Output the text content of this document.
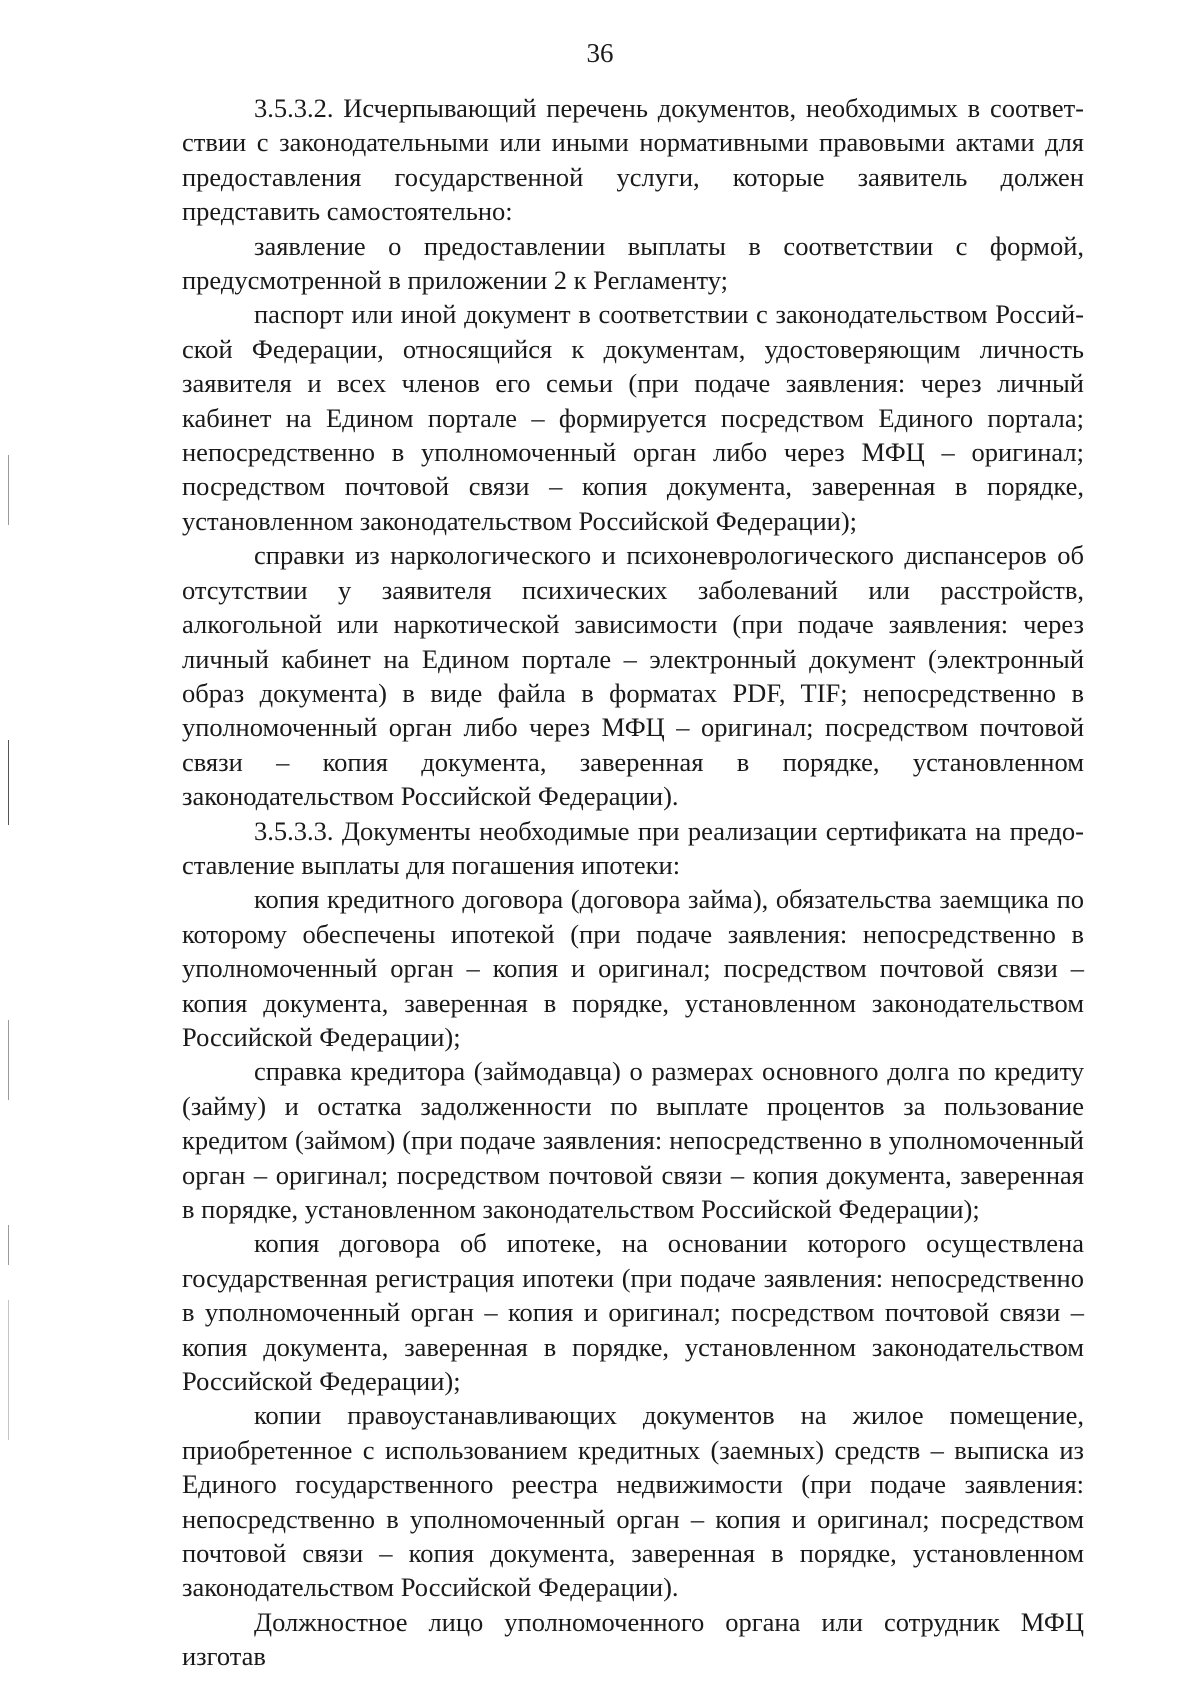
36

3.5.3.2. Исчерпывающий перечень документов, необходимых в соответствии с законодательными или иными нормативными правовыми актами для предоставления государственной услуги, которые заявитель должен представить самостоятельно:

заявление о предоставлении выплаты в соответствии с формой, предусмотренной в приложении 2 к Регламенту;

паспорт или иной документ в соответствии с законодательством Российской Федерации, относящийся к документам, удостоверяющим личность заявителя и всех членов его семьи (при подаче заявления: через личный кабинет на Едином портале – формируется посредством Единого портала; непосредственно в уполномоченный орган либо через МФЦ – оригинал; посредством почтовой связи – копия документа, заверенная в порядке, установленном законодательством Российской Федерации);

справки из наркологического и психоневрологического диспансеров об отсутствии у заявителя психических заболеваний или расстройств, алкогольной или наркотической зависимости (при подаче заявления: через личный кабинет на Едином портале – электронный документ (электронный образ документа) в виде файла в форматах PDF, TIF; непосредственно в уполномоченный орган либо через МФЦ – оригинал; посредством почтовой связи – копия документа, заверенная в порядке, установленном законодательством Российской Федерации).

3.5.3.3. Документы необходимые при реализации сертификата на предоставление выплаты для погашения ипотеки:

копия кредитного договора (договора займа), обязательства заемщика по которому обеспечены ипотекой (при подаче заявления: непосредственно в уполномоченный орган – копия и оригинал; посредством почтовой связи – копия документа, заверенная в порядке, установленном законодательством Российской Федерации);

справка кредитора (займодавца) о размерах основного долга по кредиту (займу) и остатка задолженности по выплате процентов за пользование кредитом (займом) (при подаче заявления: непосредственно в уполномоченный орган – оригинал; посредством почтовой связи – копия документа, заверенная в порядке, установленном законодательством Российской Федерации);

копия договора об ипотеке, на основании которого осуществлена государственная регистрация ипотеки (при подаче заявления: непосредственно в уполномоченный орган – копия и оригинал; посредством почтовой связи – копия документа, заверенная в порядке, установленном законодательством Российской Федерации);

копии правоустанавливающих документов на жилое помещение, приобретенное с использованием кредитных (заемных) средств – выписка из Единого государственного реестра недвижимости (при подаче заявления: непосредственно в уполномоченный орган – копия и оригинал; посредством почтовой связи – копия документа, заверенная в порядке, установленном законодательством Российской Федерации).

Должностное лицо уполномоченного органа или сотрудник МФЦ изготав
